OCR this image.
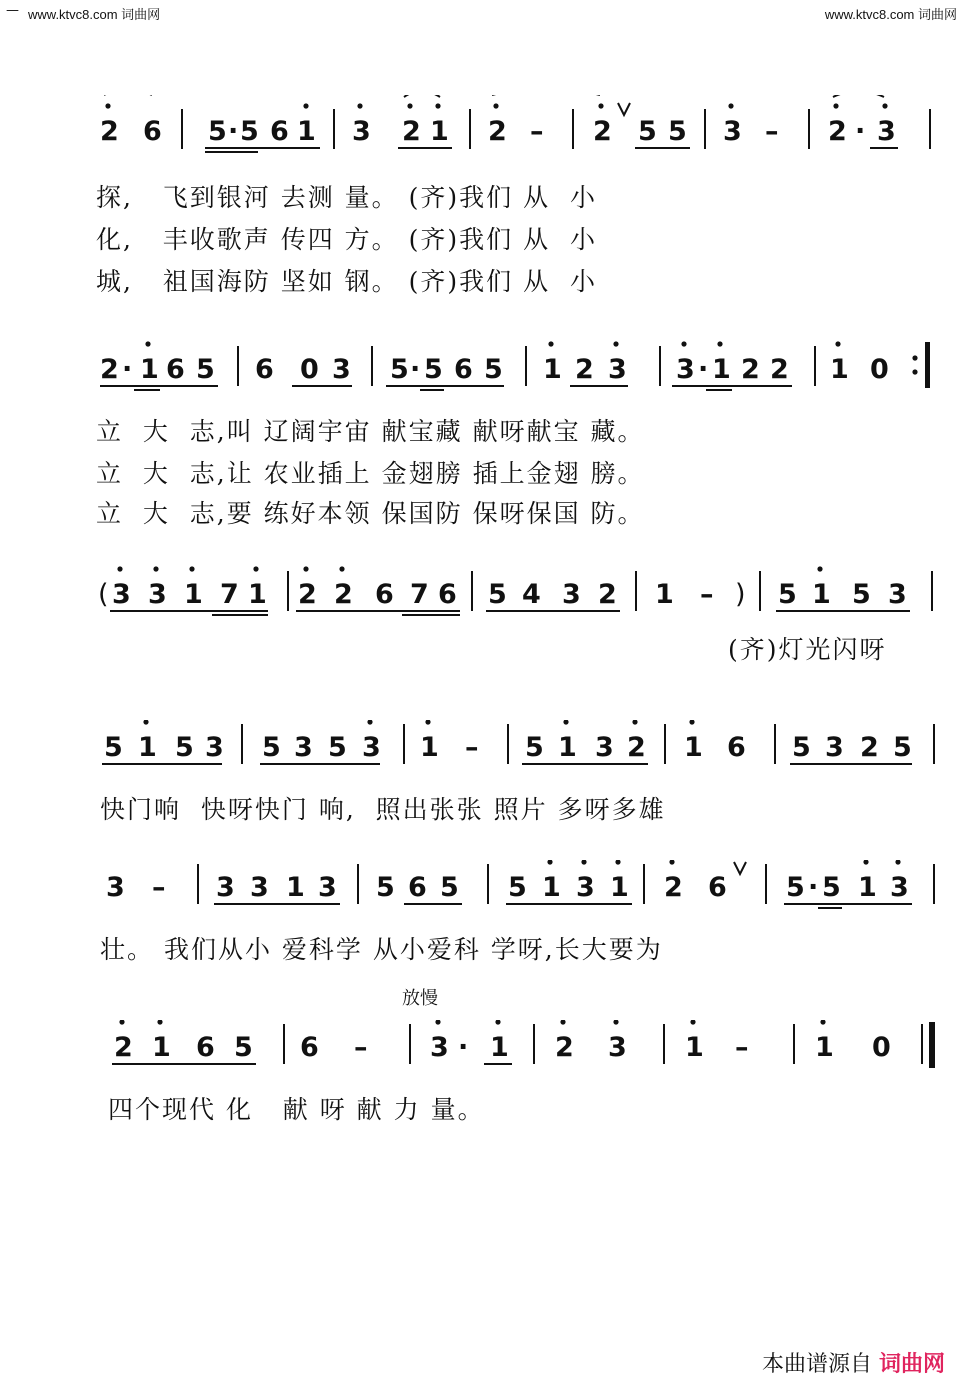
— www.ktvc8.com 词曲网	www.ktvc8.com 词曲网
2 6 5 · 5 6 1 3 2 1 2 – 2 5 5 3 – 2 · 3
探,   飞到银河 去测 量。 (齐)我们 从  小
化,   丰收歌声 传四 方。 (齐)我们 从  小
城,   祖国海防 坚如 钢。 (齐)我们 从  小
2 · 1 6 5 6 0 3 5 · 5 6 5 1 2 3 3 · 1 2 2 1 0
立  大  志,叫 辽阔宇宙 献宝藏 献呀献宝 藏。
立  大  志,让 农业插上 金翅膀 插上金翅 膀。
立  大  志,要 练好本领 保国防 保呀保国 防。
( 3 3 1 7 1 2 2 6 7 6 5 4 3 2 1 – ) 5 1 5 3
(齐)灯光闪呀
5 1 5 3 5 3 5 3 1 – 5 1 3 2 1 6 5 3 2 5
快门响  快呀快门 响,  照出张张 照片 多呀多雄
3 – 3 3 1 3 5 6 5 5 1 3 1 2 6 5 · 5 1 3
壮。 我们从小 爱科学 从小爱科 学呀,长大要为
放慢
2 1 6 5 6 – 3 · 1 2 3 1 – 1 0
四个现代 化   献 呀 献 力 量。
本曲谱源自 词曲网
